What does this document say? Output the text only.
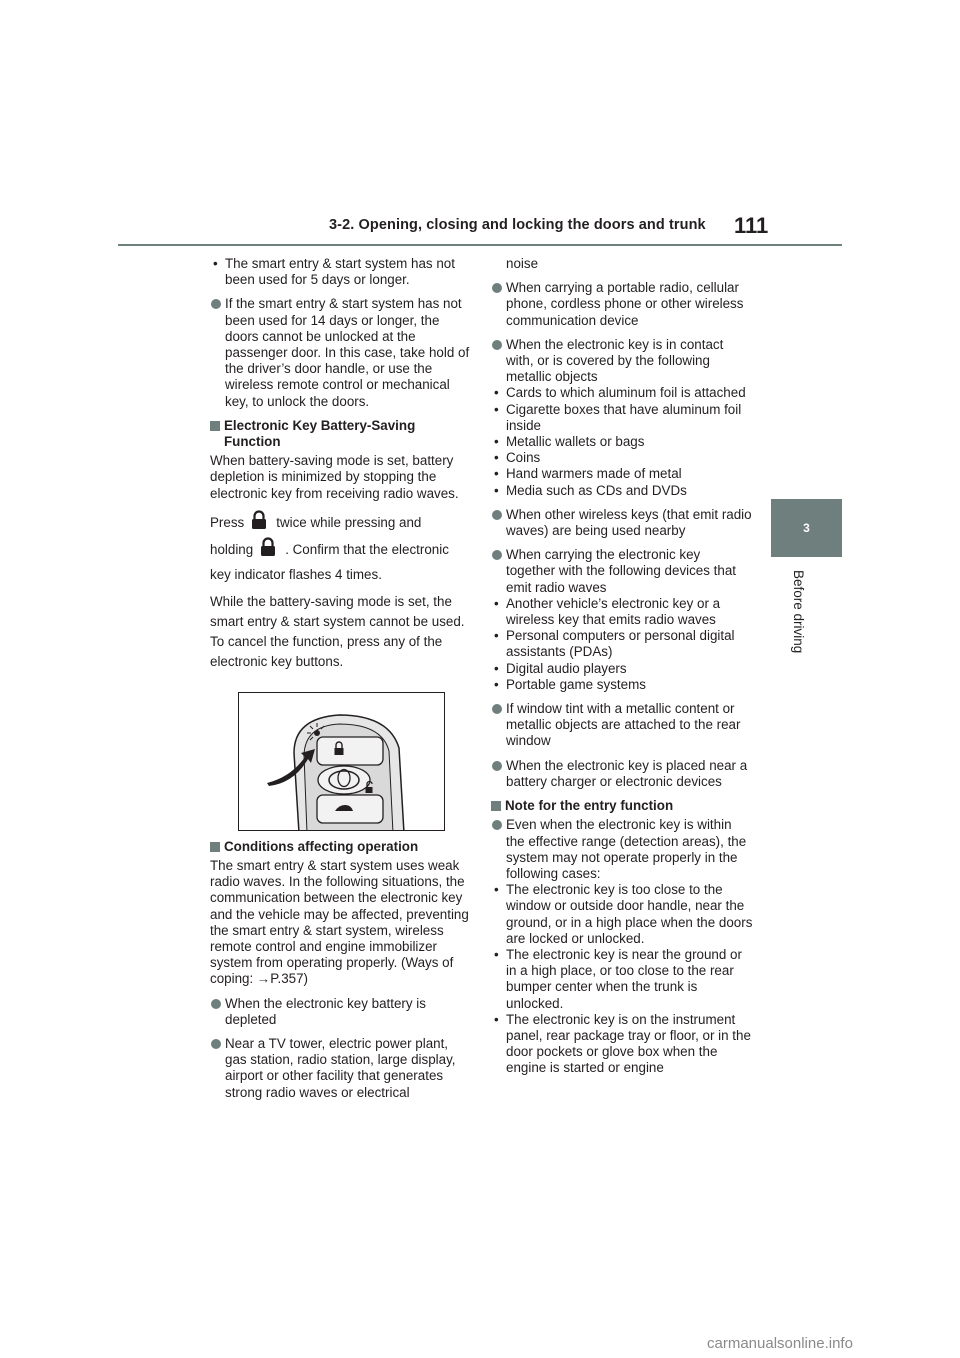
3-2. Opening, closing and locking the doors and trunk 111
3
Before driving
• The smart entry & start system has not been used for 5 days or longer.
If the smart entry & start system has not been used for 14 days or longer, the doors cannot be unlocked at the passenger door. In this case, take hold of the driver’s door handle, or use the wireless remote control or mechanical key, to unlock the doors.
Electronic Key Battery-Saving Function

When battery-saving mode is set, battery depletion is minimized by stopping the electronic key from receiving radio waves.

Press twice while pressing and
holding . Confirm that the electronic key indicator flashes 4 times.

While the battery-saving mode is set, the smart entry & start system cannot be used. To cancel the function, press any of the electronic key buttons.

Conditions affecting operation

The smart entry & start system uses weak radio waves. In the following situations, the communication between the electronic key and the vehicle may be affected, preventing the smart entry & start system, wireless remote control and engine immobilizer system from operating properly. (Ways of coping: →P.357)

When the electronic key battery is depleted
Near a TV tower, electric power plant, gas station, radio station, large display, airport or other facility that generates strong radio waves or electrical
noise
When carrying a portable radio, cellular phone, cordless phone or other wireless communication device
When the electronic key is in contact with, or is covered by the following metallic objects
• Cards to which aluminum foil is attached
• Cigarette boxes that have aluminum foil inside
• Metallic wallets or bags
• Coins
• Hand warmers made of metal
• Media such as CDs and DVDs
When other wireless keys (that emit radio waves) are being used nearby
When carrying the electronic key together with the following devices that emit radio waves
• Another vehicle’s electronic key or a wireless key that emits radio waves
• Personal computers or personal digital assistants (PDAs)
• Digital audio players
• Portable game systems
If window tint with a metallic content or metallic objects are attached to the rear window
When the electronic key is placed near a battery charger or electronic devices
Note for the entry function
Even when the electronic key is within the effective range (detection areas), the system may not operate properly in the following cases:
• The electronic key is too close to the window or outside door handle, near the ground, or in a high place when the doors are locked or unlocked.
• The electronic key is near the ground or in a high place, or too close to the rear bumper center when the trunk is unlocked.
• The electronic key is on the instrument panel, rear package tray or floor, or in the door pockets or glove box when the engine is started or engine
carmanualsonline.info
